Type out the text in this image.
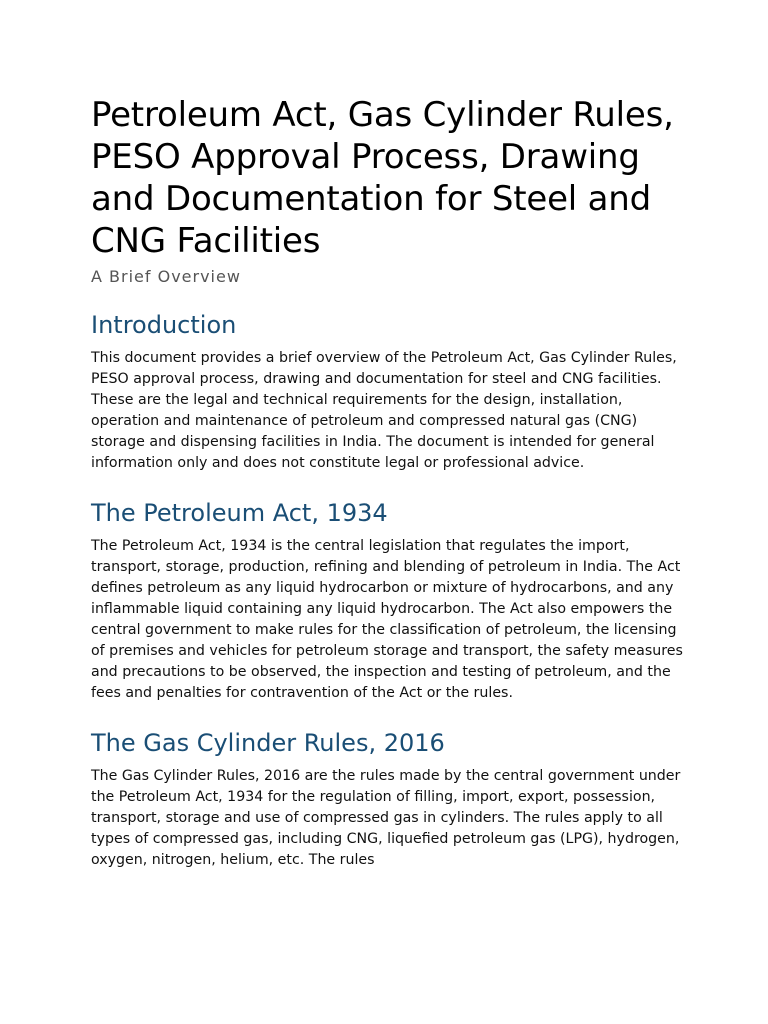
Petroleum Act, Gas Cylinder Rules, PESO Approval Process, Drawing and Documentation for Steel and CNG Facilities
A Brief Overview
Introduction

This document provides a brief overview of the Petroleum Act, Gas Cylinder Rules, PESO approval process, drawing and documentation for steel and CNG facilities. These are the legal and technical requirements for the design, installation, operation and maintenance of petroleum and compressed natural gas (CNG) storage and dispensing facilities in India. The document is intended for general information only and does not constitute legal or professional advice.

The Petroleum Act, 1934

The Petroleum Act, 1934 is the central legislation that regulates the import, transport, storage, production, refining and blending of petroleum in India. The Act defines petroleum as any liquid hydrocarbon or mixture of hydrocarbons, and any inflammable liquid containing any liquid hydrocarbon. The Act also empowers the central government to make rules for the classification of petroleum, the licensing of premises and vehicles for petroleum storage and transport, the safety measures and precautions to be observed, the inspection and testing of petroleum, and the fees and penalties for contravention of the Act or the rules.

The Gas Cylinder Rules, 2016

The Gas Cylinder Rules, 2016 are the rules made by the central government under the Petroleum Act, 1934 for the regulation of filling, import, export, possession, transport, storage and use of compressed gas in cylinders. The rules apply to all types of compressed gas, including CNG, liquefied petroleum gas (LPG), hydrogen, oxygen, nitrogen, helium, etc. The rules
